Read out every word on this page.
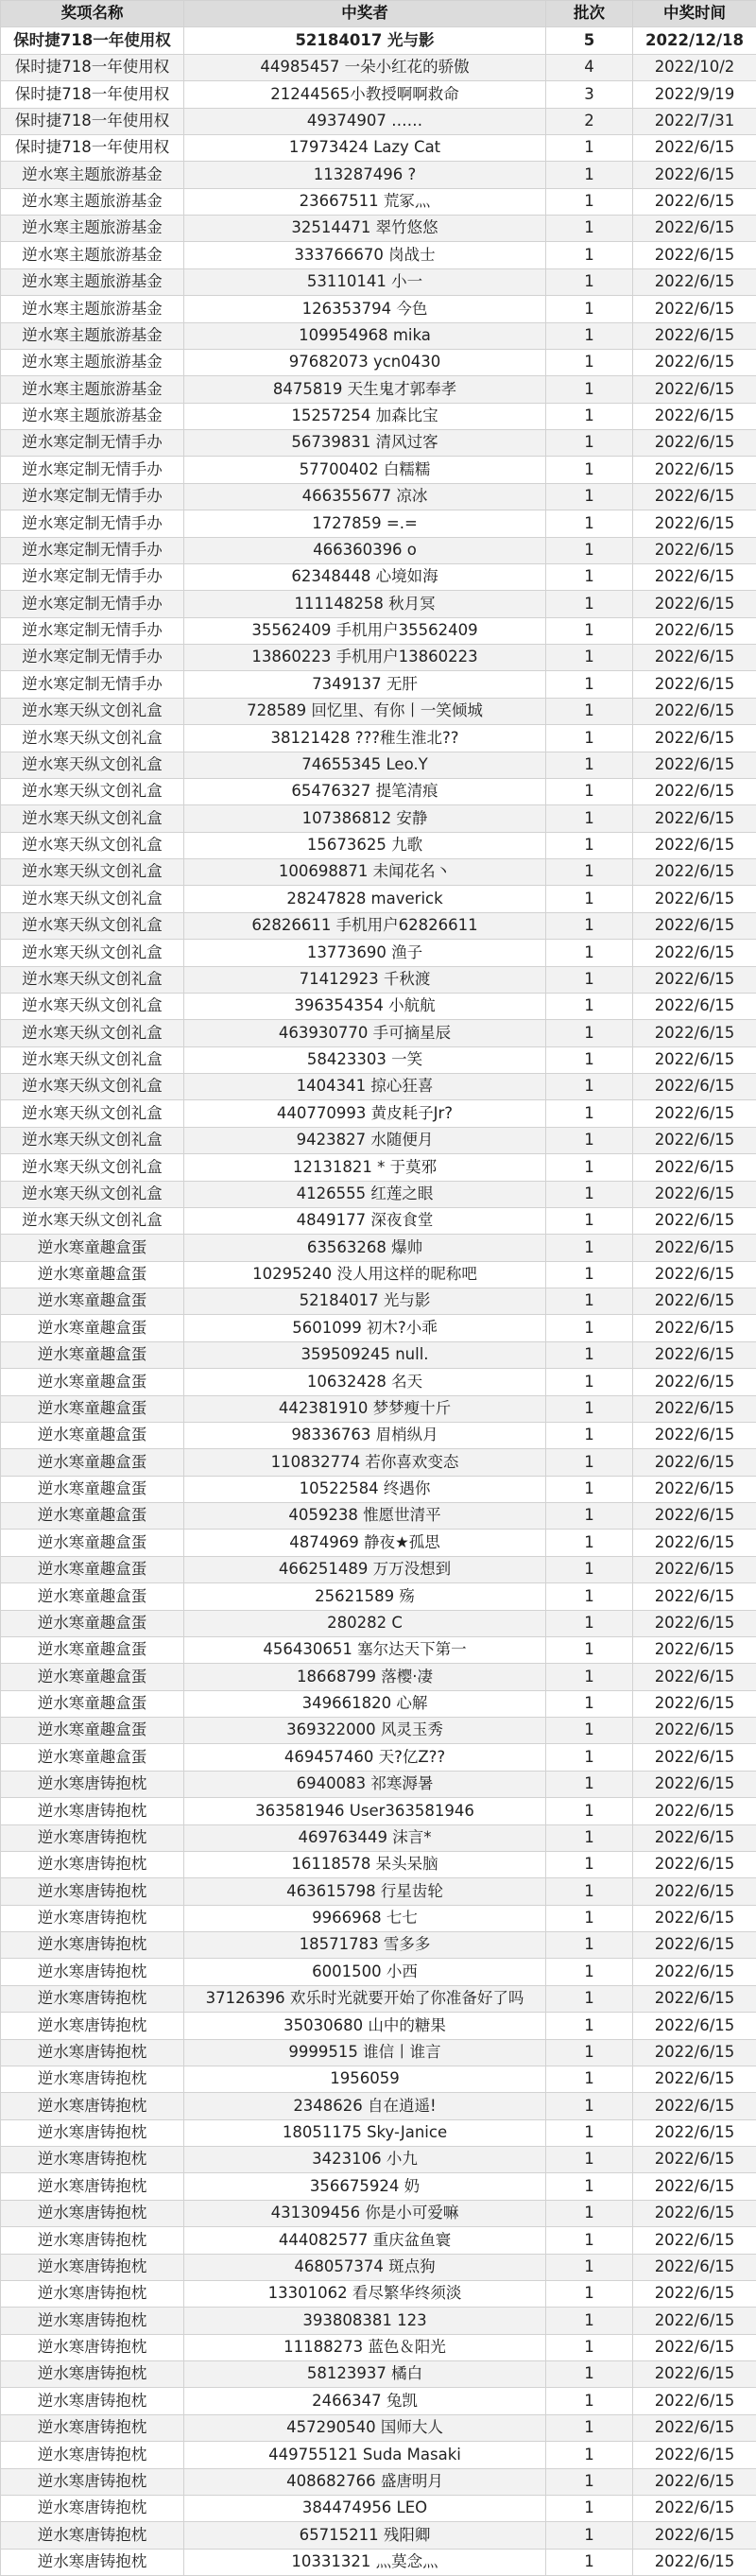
奖项名称	中奖者	批次	中奖时间
保时捷718一年使用权	52184017 光与影	5	2022/12/18
保时捷718一年使用权	44985457 一朵小红花的骄傲	4	2022/10/2
保时捷718一年使用权	21244565小教授啊啊救命	3	2022/9/19
保时捷718一年使用权	49374907 ……	2	2022/7/31
保时捷718一年使用权	17973424 Lazy Cat	1	2022/6/15
逆水寒主题旅游基金	113287496 ?	1	2022/6/15
逆水寒主题旅游基金	23667511 荒冢灬	1	2022/6/15
逆水寒主题旅游基金	32514471 翠竹悠悠	1	2022/6/15
逆水寒主题旅游基金	333766670 岗战士	1	2022/6/15
逆水寒主题旅游基金	53110141 小一	1	2022/6/15
逆水寒主题旅游基金	126353794 今色	1	2022/6/15
逆水寒主题旅游基金	109954968 mika	1	2022/6/15
逆水寒主题旅游基金	97682073 ycn0430	1	2022/6/15
逆水寒主题旅游基金	8475819 天生鬼才郭奉孝	1	2022/6/15
逆水寒主题旅游基金	15257254 加森比宝	1	2022/6/15
逆水寒定制无情手办	56739831 清风过客	1	2022/6/15
逆水寒定制无情手办	57700402 白糯糯	1	2022/6/15
逆水寒定制无情手办	466355677 凉冰	1	2022/6/15
逆水寒定制无情手办	1727859 =.=	1	2022/6/15
逆水寒定制无情手办	466360396 o	1	2022/6/15
逆水寒定制无情手办	62348448 心境如海	1	2022/6/15
逆水寒定制无情手办	111148258 秋月冥	1	2022/6/15
逆水寒定制无情手办	35562409 手机用户35562409	1	2022/6/15
逆水寒定制无情手办	13860223 手机用户13860223	1	2022/6/15
逆水寒定制无情手办	7349137 无肝	1	2022/6/15
逆水寒天纵文创礼盒	728589 回忆里、有你丨一笑倾城	1	2022/6/15
逆水寒天纵文创礼盒	38121428 ???稚生淮北??	1	2022/6/15
逆水寒天纵文创礼盒	74655345 Leo.Y	1	2022/6/15
逆水寒天纵文创礼盒	65476327 提笔清痕	1	2022/6/15
逆水寒天纵文创礼盒	107386812 安静	1	2022/6/15
逆水寒天纵文创礼盒	15673625 九歌	1	2022/6/15
逆水寒天纵文创礼盒	100698871 未闻花名丶	1	2022/6/15
逆水寒天纵文创礼盒	28247828 maverick	1	2022/6/15
逆水寒天纵文创礼盒	62826611 手机用户62826611	1	2022/6/15
逆水寒天纵文创礼盒	13773690 渔子	1	2022/6/15
逆水寒天纵文创礼盒	71412923 千秋渡	1	2022/6/15
逆水寒天纵文创礼盒	396354354 小航航	1	2022/6/15
逆水寒天纵文创礼盒	463930770 手可摘星辰	1	2022/6/15
逆水寒天纵文创礼盒	58423303 一笑	1	2022/6/15
逆水寒天纵文创礼盒	1404341 掠心狂喜	1	2022/6/15
逆水寒天纵文创礼盒	440770993 黄皮耗子Jr?	1	2022/6/15
逆水寒天纵文创礼盒	9423827 水随便月	1	2022/6/15
逆水寒天纵文创礼盒	12131821 * 于莫邪	1	2022/6/15
逆水寒天纵文创礼盒	4126555 红莲之眼	1	2022/6/15
逆水寒天纵文创礼盒	4849177 深夜食堂	1	2022/6/15
逆水寒童趣盒蛋	63563268 爆帅	1	2022/6/15
逆水寒童趣盒蛋	10295240 没人用这样的昵称吧	1	2022/6/15
逆水寒童趣盒蛋	52184017 光与影	1	2022/6/15
逆水寒童趣盒蛋	5601099 初木?小乖	1	2022/6/15
逆水寒童趣盒蛋	359509245 null.	1	2022/6/15
逆水寒童趣盒蛋	10632428 名天	1	2022/6/15
逆水寒童趣盒蛋	442381910 梦梦瘦十斤	1	2022/6/15
逆水寒童趣盒蛋	98336763 眉梢纵月	1	2022/6/15
逆水寒童趣盒蛋	110832774 若你喜欢变态	1	2022/6/15
逆水寒童趣盒蛋	10522584 终遇你	1	2022/6/15
逆水寒童趣盒蛋	4059238 惟愿世清平	1	2022/6/15
逆水寒童趣盒蛋	4874969 静夜★孤思	1	2022/6/15
逆水寒童趣盒蛋	466251489 万万没想到	1	2022/6/15
逆水寒童趣盒蛋	25621589 殇	1	2022/6/15
逆水寒童趣盒蛋	280282 C	1	2022/6/15
逆水寒童趣盒蛋	456430651 塞尔达天下第一	1	2022/6/15
逆水寒童趣盒蛋	18668799 落樱·凄	1	2022/6/15
逆水寒童趣盒蛋	349661820 心解	1	2022/6/15
逆水寒童趣盒蛋	369322000 风灵玉秀	1	2022/6/15
逆水寒童趣盒蛋	469457460 天?亿Z??	1	2022/6/15
逆水寒唐铸抱枕	6940083 祁寒溽暑	1	2022/6/15
逆水寒唐铸抱枕	363581946 User363581946	1	2022/6/15
逆水寒唐铸抱枕	469763449 沫言*	1	2022/6/15
逆水寒唐铸抱枕	16118578 呆头呆脑	1	2022/6/15
逆水寒唐铸抱枕	463615798 行星齿轮	1	2022/6/15
逆水寒唐铸抱枕	9966968 七七	1	2022/6/15
逆水寒唐铸抱枕	18571783 雪多多	1	2022/6/15
逆水寒唐铸抱枕	6001500 小西	1	2022/6/15
逆水寒唐铸抱枕	37126396 欢乐时光就要开始了你准备好了吗	1	2022/6/15
逆水寒唐铸抱枕	35030680 山中的糖果	1	2022/6/15
逆水寒唐铸抱枕	9999515 谁信丨谁言	1	2022/6/15
逆水寒唐铸抱枕	1956059	1	2022/6/15
逆水寒唐铸抱枕	2348626 自在逍遥!	1	2022/6/15
逆水寒唐铸抱枕	18051175 Sky-Janice	1	2022/6/15
逆水寒唐铸抱枕	3423106 小九	1	2022/6/15
逆水寒唐铸抱枕	356675924 奶	1	2022/6/15
逆水寒唐铸抱枕	431309456 你是小可爱嘛	1	2022/6/15
逆水寒唐铸抱枕	444082577 重庆盆鱼寰	1	2022/6/15
逆水寒唐铸抱枕	468057374 斑点狗	1	2022/6/15
逆水寒唐铸抱枕	13301062 看尽繁华终须淡	1	2022/6/15
逆水寒唐铸抱枕	393808381 123	1	2022/6/15
逆水寒唐铸抱枕	11188273 蓝色＆阳光	1	2022/6/15
逆水寒唐铸抱枕	58123937 橘白	1	2022/6/15
逆水寒唐铸抱枕	2466347 兔凯	1	2022/6/15
逆水寒唐铸抱枕	457290540 国师大人	1	2022/6/15
逆水寒唐铸抱枕	449755121 Suda Masaki	1	2022/6/15
逆水寒唐铸抱枕	408682766 盛唐明月	1	2022/6/15
逆水寒唐铸抱枕	384474956 LEO	1	2022/6/15
逆水寒唐铸抱枕	65715211 残阳卿	1	2022/6/15
逆水寒唐铸抱枕	10331321 灬莫念灬	1	2022/6/15
